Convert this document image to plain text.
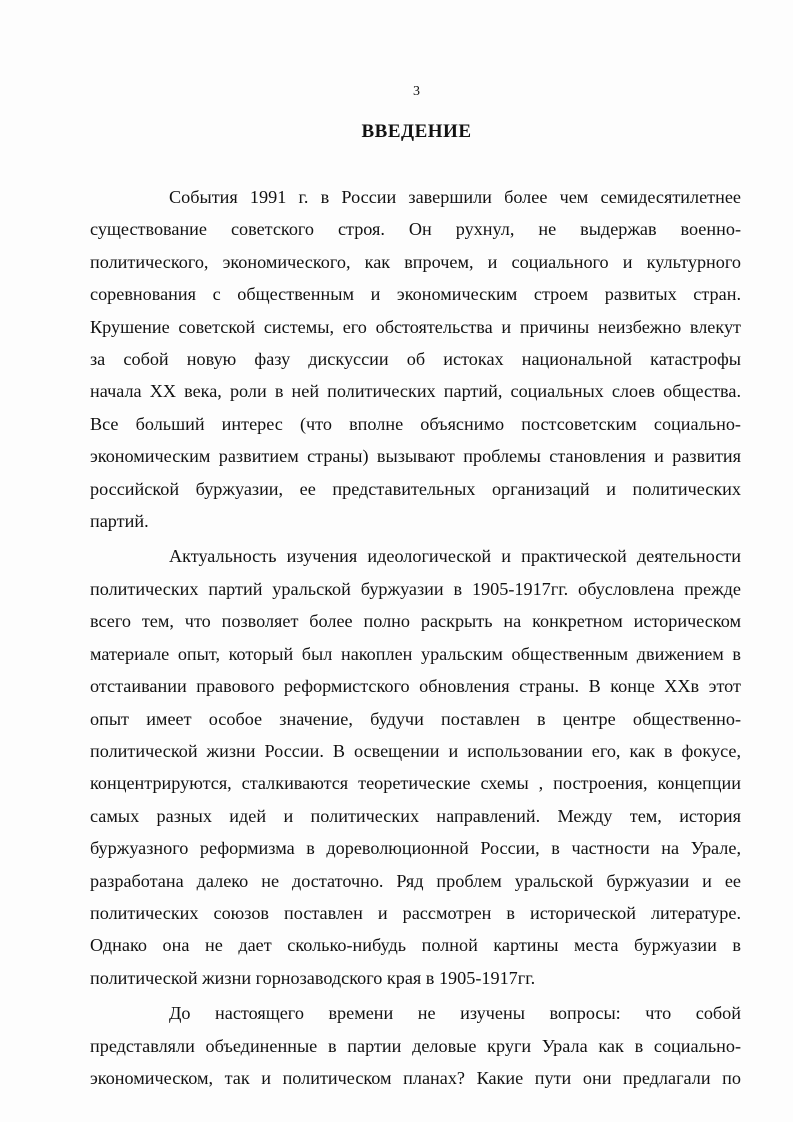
3
ВВЕДЕНИЕ
События 1991 г. в России завершили более чем семидесятилетнее
существование советского строя. Он рухнул, не выдержав военно-
политического, экономического, как впрочем, и социального и культурного
соревнования с общественным и экономическим строем развитых стран.
Крушение советской системы, его обстоятельства и причины неизбежно влекут
за собой новую фазу дискуссии об истоках национальной катастрофы
начала XX века, роли в ней политических партий, социальных слоев общества.
Все больший интерес (что вполне объяснимо постсоветским социально-
экономическим развитием страны) вызывают проблемы становления и развития
российской буржуазии, ее представительных организаций и политических
партий.
Актуальность изучения идеологической и практической деятельности
политических партий уральской буржуазии в 1905-1917гг. обусловлена прежде
всего тем, что позволяет более полно раскрыть на конкретном историческом
материале опыт, который был накоплен уральским общественным движением в
отстаивании правового реформистского обновления страны. В конце XXв этот
опыт имеет особое значение, будучи поставлен в центре общественно-
политической жизни России. В освещении и использовании его, как в фокусе,
концентрируются, сталкиваются теоретические схемы , построения, концепции
самых разных идей и политических направлений. Между тем, история
буржуазного реформизма в дореволюционной России, в частности на Урале,
разработана далеко не достаточно. Ряд проблем уральской буржуазии и ее
политических союзов поставлен и рассмотрен в исторической литературе.
Однако она не дает сколько-нибудь полной картины места буржуазии в
политической жизни горнозаводского края в 1905-1917гг.
До настоящего времени не изучены вопросы: что собой
представляли объединенные в партии деловые круги Урала как в социально-
экономическом, так и политическом планах? Какие пути они предлагали по
